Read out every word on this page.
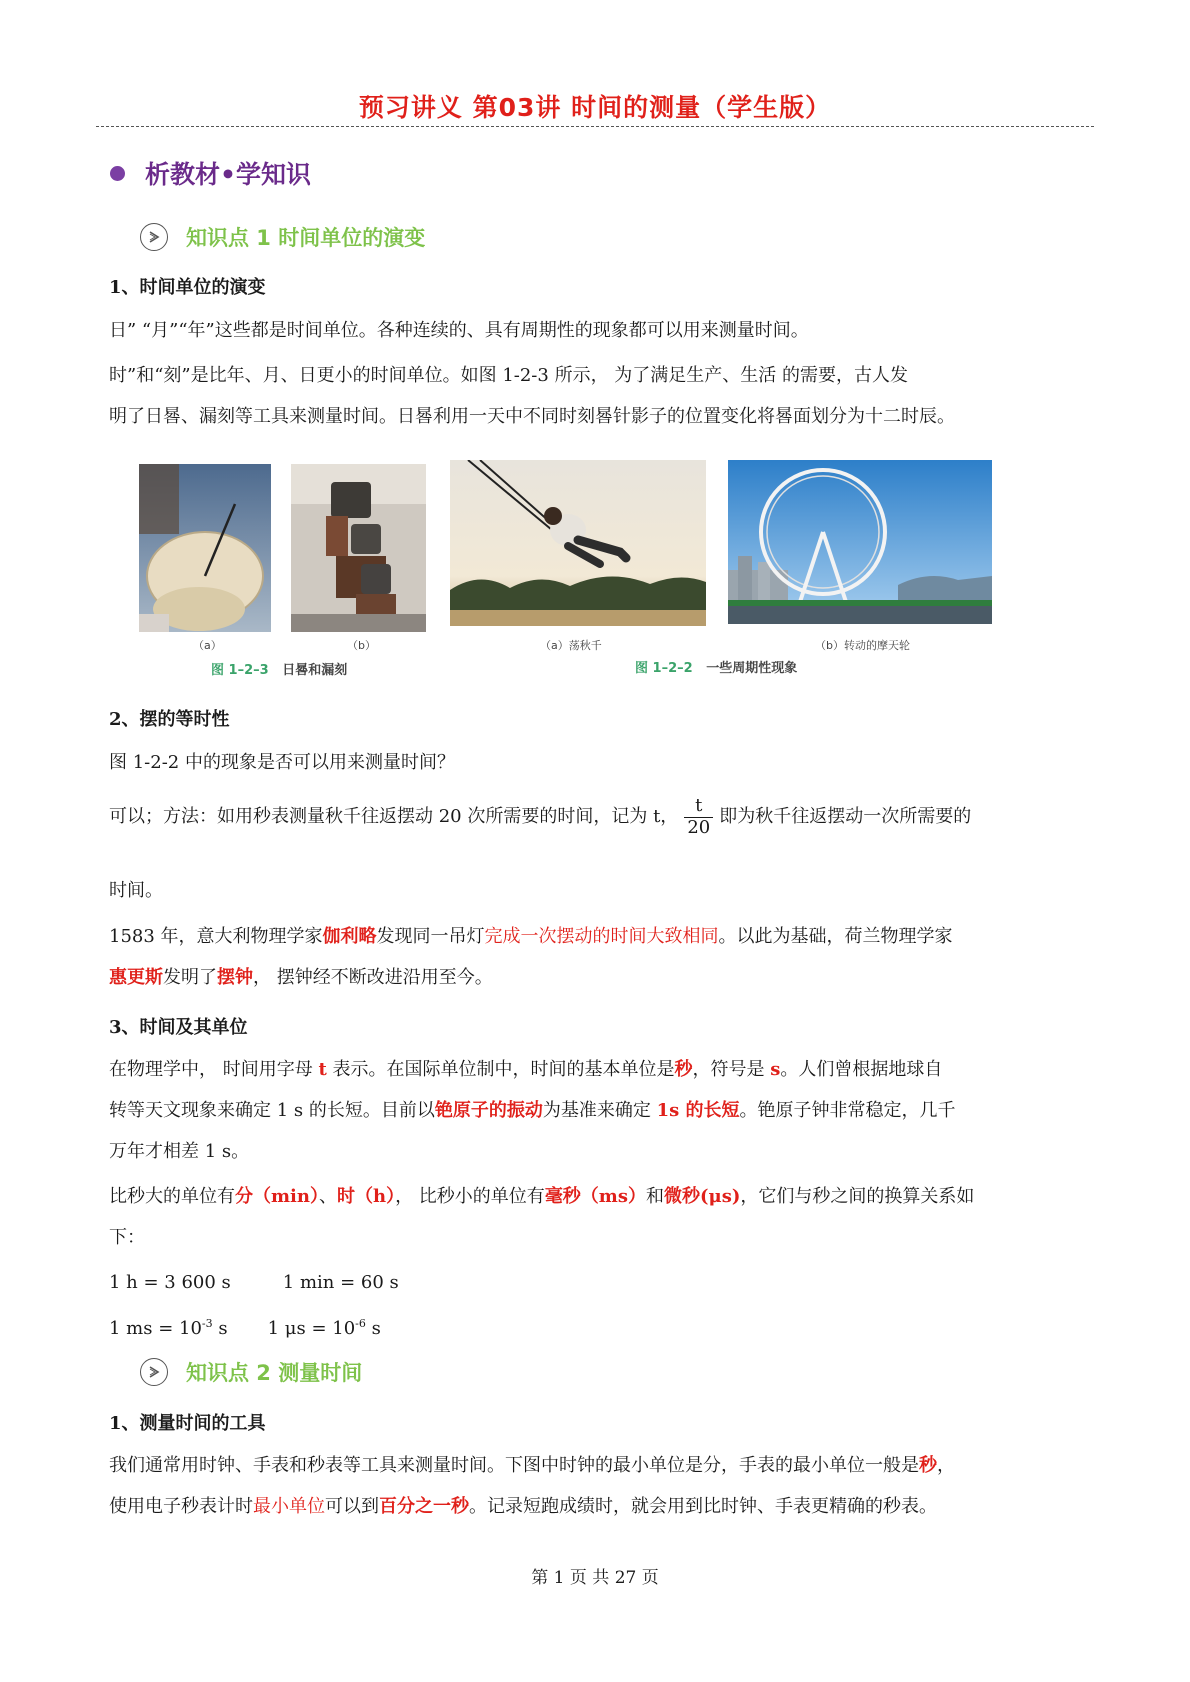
预习讲义 第03讲 时间的测量（学生版）
析教材•学知识
知识点 1 时间单位的演变
1、时间单位的演变
日” “月”“年”这些都是时间单位。各种连续的、具有周期性的现象都可以用来测量时间。
时”和“刻”是比年、月、日更小的时间单位。如图 1-2-3 所示， 为了满足生产、生活 的需要，古人发
明了日晷、漏刻等工具来测量时间。日晷利用一天中不同时刻晷针影子的位置变化将晷面划分为十二时辰。
（a）	（b）
图 1–2–3 日晷和漏刻
（a）荡秋千	（b）转动的摩天轮
图 1–2–2 一些周期性现象
2、摆的等时性
图 1-2-2 中的现象是否可以用来测量时间？
可以；方法：如用秒表测量秋千往返摆动 20 次所需要的时间，记为 t， $\frac{t}{20}$ 即为秋千往返摆动一次所需要的
时间。
1583 年，意大利物理学家伽利略发现同一吊灯完成一次摆动的时间大致相同。以此为基础，荷兰物理学家
惠更斯发明了摆钟， 摆钟经不断改进沿用至今。
3、时间及其单位
在物理学中， 时间用字母 t 表示。在国际单位制中，时间的基本单位是秒，符号是 s。人们曾根据地球自
转等天文现象来确定 1 s 的长短。目前以铯原子的振动为基准来确定 1s 的长短。铯原子钟非常稳定，几千
万年才相差 1 s。
比秒大的单位有分（min）、时（h）， 比秒小的单位有毫秒（ms）和微秒(μs)，它们与秒之间的换算关系如
下：
1 h = 3 600 s	1 min = 60 s
1 ms = $10^{-3}$ s 1 $\mu s = 10^{-6}$ s
知识点 2 测量时间
1、测量时间的工具
我们通常用时钟、手表和秒表等工具来测量时间。下图中时钟的最小单位是分，手表的最小单位一般是秒，
使用电子秒表计时最小单位可以到百分之一秒。记录短跑成绩时，就会用到比时钟、手表更精确的秒表。
第 1 页 共 27 页
